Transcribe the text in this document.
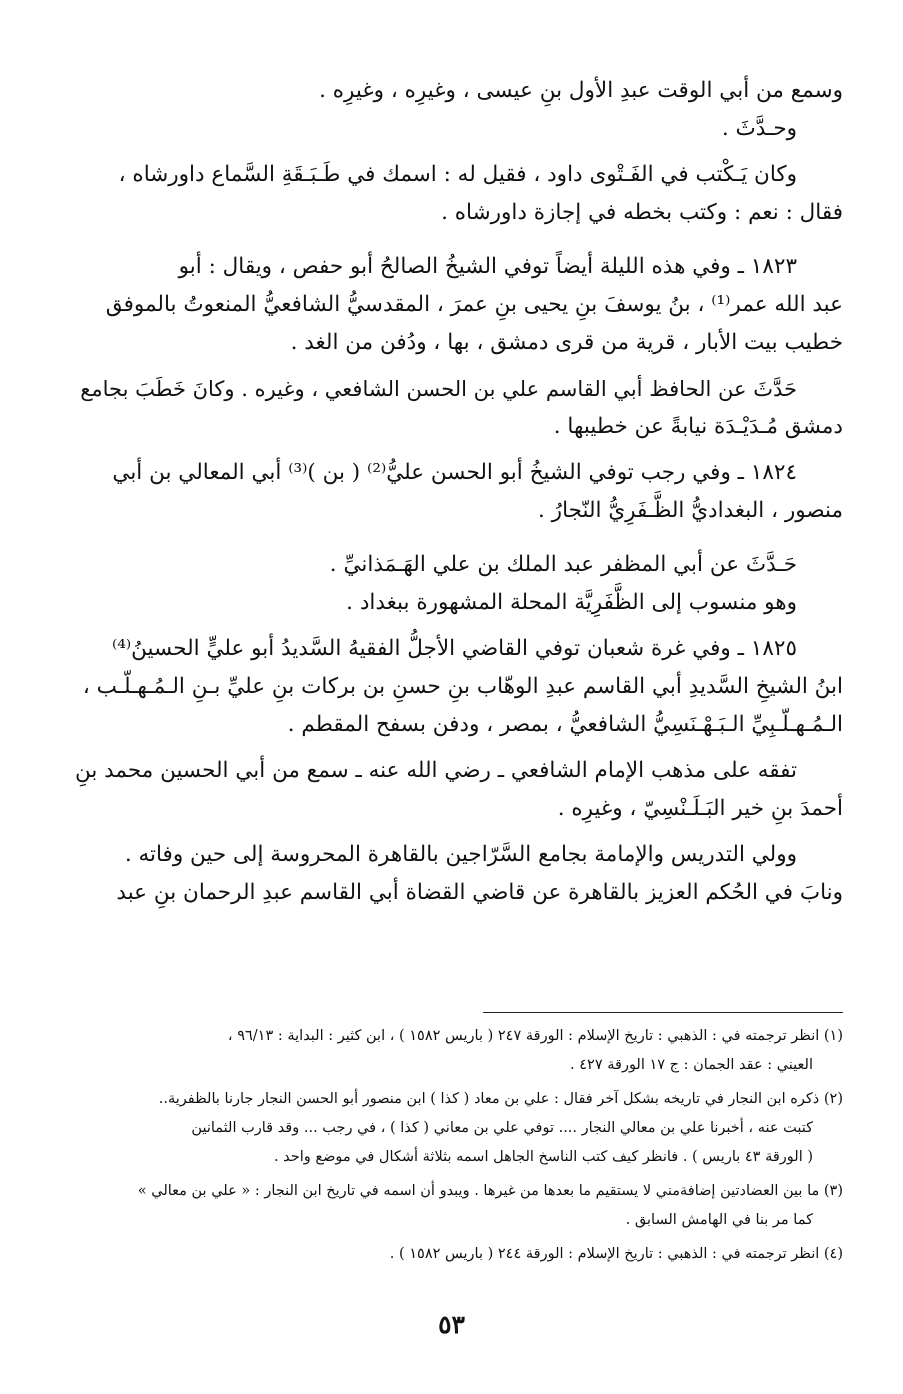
وسمع من أبي الوقت عبدِ الأول بنِ عيسى ، وغيرِه ، وغيرِه .
وحـدَّثَ .
وكان يَـكْتب في الفَـتْوى داود ، فقيل له : اسمك في طَـبَـقَةِ السَّماع داورشاه ،
فقال : نعم : وكتب بخطه في إجازة داورشاه .
١٨٢٣ ـ وفي هذه الليلة أيضاً توفي الشيخُ الصالحُ أبو حفص ، ويقال : أبو
عبد الله عمر⁽¹⁾ ، بنُ يوسفَ بنِ يحيى بنِ عمرَ ، المقدسيُّ الشافعيُّ المنعوتُ بالموفق
خطيب بيت الأبار ، قرية من قرى دمشق ، بها ، ودُفن من الغد .
حَدَّثَ عن الحافظ أبي القاسم علي بن الحسن الشافعي ، وغيره . وكانَ خَطَبَ بجامع
دمشق مُـدَيْـدَة نيابةً عن خطيبها .
١٨٢٤ ـ وفي رجب توفي الشيخُ أبو الحسن عليُّ⁽²⁾ ( بن )⁽³⁾ أبي المعالي بن أبي
منصور ، البغداديُّ الظَّـفَرِيُّ النّجارُ .
حَـدَّثَ عن أبي المظفر عبد الملك بن علي الهَـمَذانيِّ .
وهو منسوب إلى الظَّفَرِيَّة المحلة المشهورة ببغداد .
١٨٢٥ ـ وفي غرة شعبان توفي القاضي الأجلُّ الفقيهُ السَّديدُ أبو عليٍّ الحسينُ⁽⁴⁾
ابنُ الشيخِ السَّديدِ أبي القاسم عبدِ الوهّاب بنِ حسنِ بن بركات بنِ عليِّ بـنِ الـمُـهـلّـب ،
الـمُـهـلّـبِيِّ الـبَـهْـنَسِيُّ الشافعيُّ ، بمصر ، ودفن بسفح المقطم .
تفقه على مذهب الإمام الشافعي ـ رضي الله عنه ـ سمع من أبي الحسين محمد بنِ
أحمدَ بنِ خير البَـلَـنْسِيّ ، وغيرِه .
وولي التدريس والإمامة بجامع السَّرّاجين بالقاهرة المحروسة إلى حين وفاته .
ونابَ في الحُكم العزيز بالقاهرة عن قاضي القضاة أبي القاسم عبدِ الرحمان بنِ عبد
(١) انظر ترجمته في : الذهبي : تاريخ الإسلام : الورقة ٢٤٧ ( باريس ١٥٨٢ ) ، ابن كثير : البداية : ٩٦/١٣ ،
العيني : عقد الجمان : ج ١٧ الورقة ٤٢٧ .
(٢) ذكره ابن النجار في تاريخه بشكل آخر فقال : علي بن معاد ( كذا ) ابن منصور أبو الحسن النجار جارنا بالظفرية..
كتبت عنه ، أخبرنا علي بن معالي النجار .... توفي علي بن معاني ( كذا ) ، في رجب ... وقد قارب الثمانين
( الورقة ٤٣ باريس ) . فانظر كيف كتب الناسخ الجاهل اسمه بثلاثة أشكال في موضع واحد .
(٣) ما بين العضادتين إضافةمني لا يستقيم ما بعدها من غيرها . ويبدو أن اسمه في تاريخ ابن النجار : « علي بن معالي »
كما مر بنا في الهامش السابق .
(٤) انظر ترجمته في : الذهبي : تاريخ الإسلام : الورقة ٢٤٤ ( باريس ١٥٨٢ ) .
٥٣
